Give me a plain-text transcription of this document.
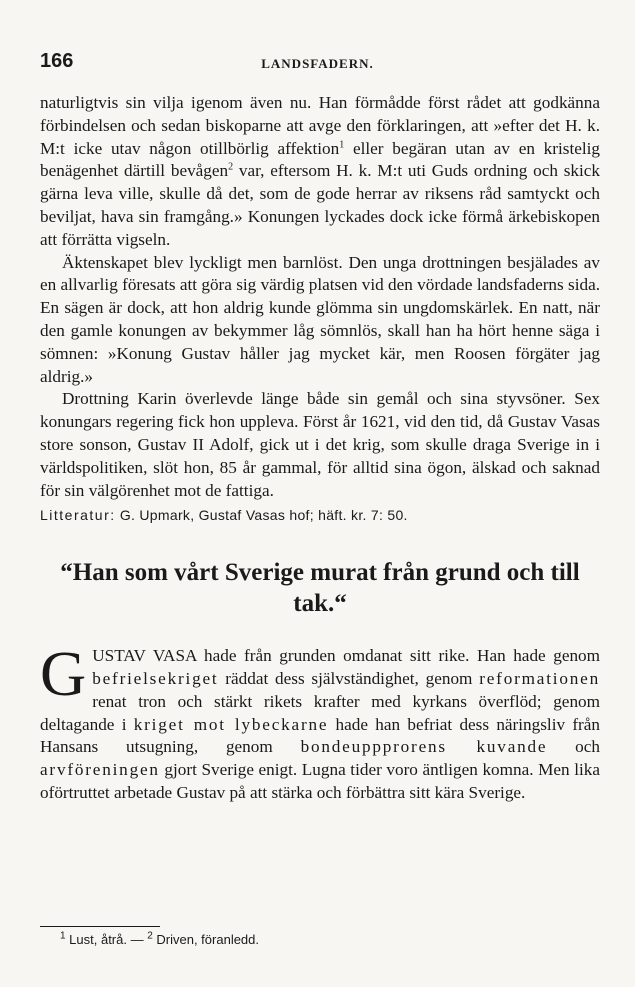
166	LANDSFADERN.

naturligtvis sin vilja igenom även nu. Han förmådde först rådet att godkänna förbindelsen och sedan biskoparne att avge den förklaringen, att »efter det H. k. M:t icke utav någon otillbörlig affektion$^1$ eller begäran utan av en kristelig benägenhet därtill bevågen$^2$ var, eftersom H. k. M:t uti Guds ordning och skick gärna leva ville, skulle då det, som de gode herrar av riksens råd samtyckt och beviljat, hava sin framgång.» Konungen lyckades dock icke förmå ärkebiskopen att förrätta vigseln.

Äktenskapet blev lyckligt men barnlöst. Den unga drottningen besjälades av en allvarlig föresats att göra sig värdig platsen vid den vördade landsfaderns sida. En sägen är dock, att hon aldrig kunde glömma sin ungdomskärlek. En natt, när den gamle konungen av bekymmer låg sömnlös, skall han ha hört henne säga i sömnen: »Konung Gustav håller jag mycket kär, men Roosen förgäter jag aldrig.»

Drottning Karin överlevde länge både sin gemål och sina styvsöner. Sex konungars regering fick hon uppleva. Först år 1621, vid den tid, då Gustav Vasas store sonson, Gustav II Adolf, gick ut i det krig, som skulle draga Sverige in i världspolitiken, slöt hon, 85 år gammal, för alltid sina ögon, älskad och saknad för sin välgörenhet mot de fattiga.

Litteratur: G. Upmark, Gustaf Vasas hof; häft. kr. 7: 50.
“Han som vårt Sverige murat från grund och till tak.“
GUSTAV VASA hade från grunden omdanat sitt rike. Han hade genom befrielsekriget räddat dess självständighet, genom reformationen renat tron och stärkt rikets krafter med kyrkans överflöd; genom deltagande i kriget mot lybeckarne hade han befriat dess näringsliv från Hansans utsugning, genom bondeuppprorens kuvande och arvföreningen gjort Sverige enigt. Lugna tider voro äntligen komna. Men lika oförtruttet arbetade Gustav på att stärka och förbättra sitt kära Sverige.
$^1$ Lust, åtrå. — $^2$ Driven, föranledd.
